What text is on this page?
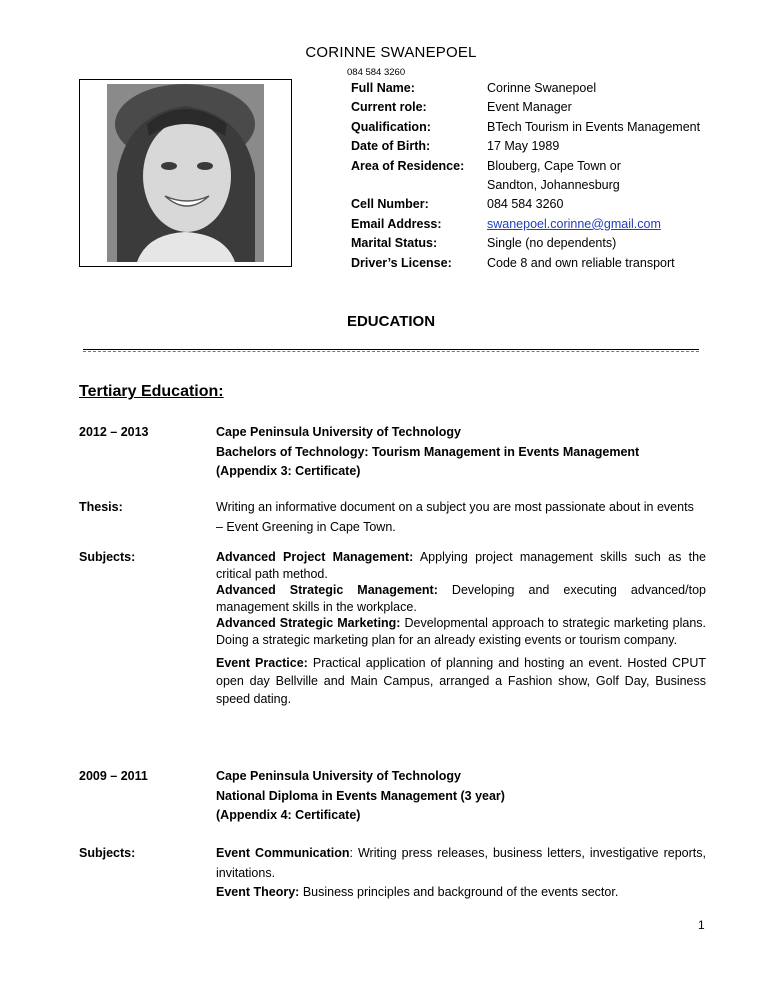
CORINNE SWANEPOEL
084 584 3260
Full Name:	Corinne Swanepoel
Current role:	Event Manager
Qualification:	BTech Tourism in Events Management
Date of Birth:	17 May 1989
Area of Residence: Blouberg, Cape Town or
Sandton, Johannesburg
Cell Number:	084 584 3260
Email Address:	swanepoel.corinne@gmail.com
Marital Status:	Single (no dependents)
Driver’s License:	Code 8 and own reliable transport
EDUCATION
Tertiary Education:
2012 – 2013	Cape Peninsula University of Technology
Bachelors of Technology: Tourism Management in Events Management
(Appendix 3: Certificate)
Thesis:	Writing an informative document on a subject you are most passionate about in events
– Event Greening in Cape Town.
Subjects:	Advanced Project Management: Applying project management skills such as the critical path method.
Advanced Strategic Management: Developing and executing advanced/top management skills in the workplace.
Advanced Strategic Marketing: Developmental approach to strategic marketing plans. Doing a strategic marketing plan for an already existing events or tourism company.
Event Practice: Practical application of planning and hosting an event. Hosted CPUT open day Bellville and Main Campus, arranged a Fashion show, Golf Day, Business speed dating.
2009 – 2011	Cape Peninsula University of Technology
National Diploma in Events Management (3 year)
(Appendix 4: Certificate)
Subjects:	Event Communication: Writing press releases, business letters, investigative reports, invitations.
Event Theory: Business principles and background of the events sector.
1
